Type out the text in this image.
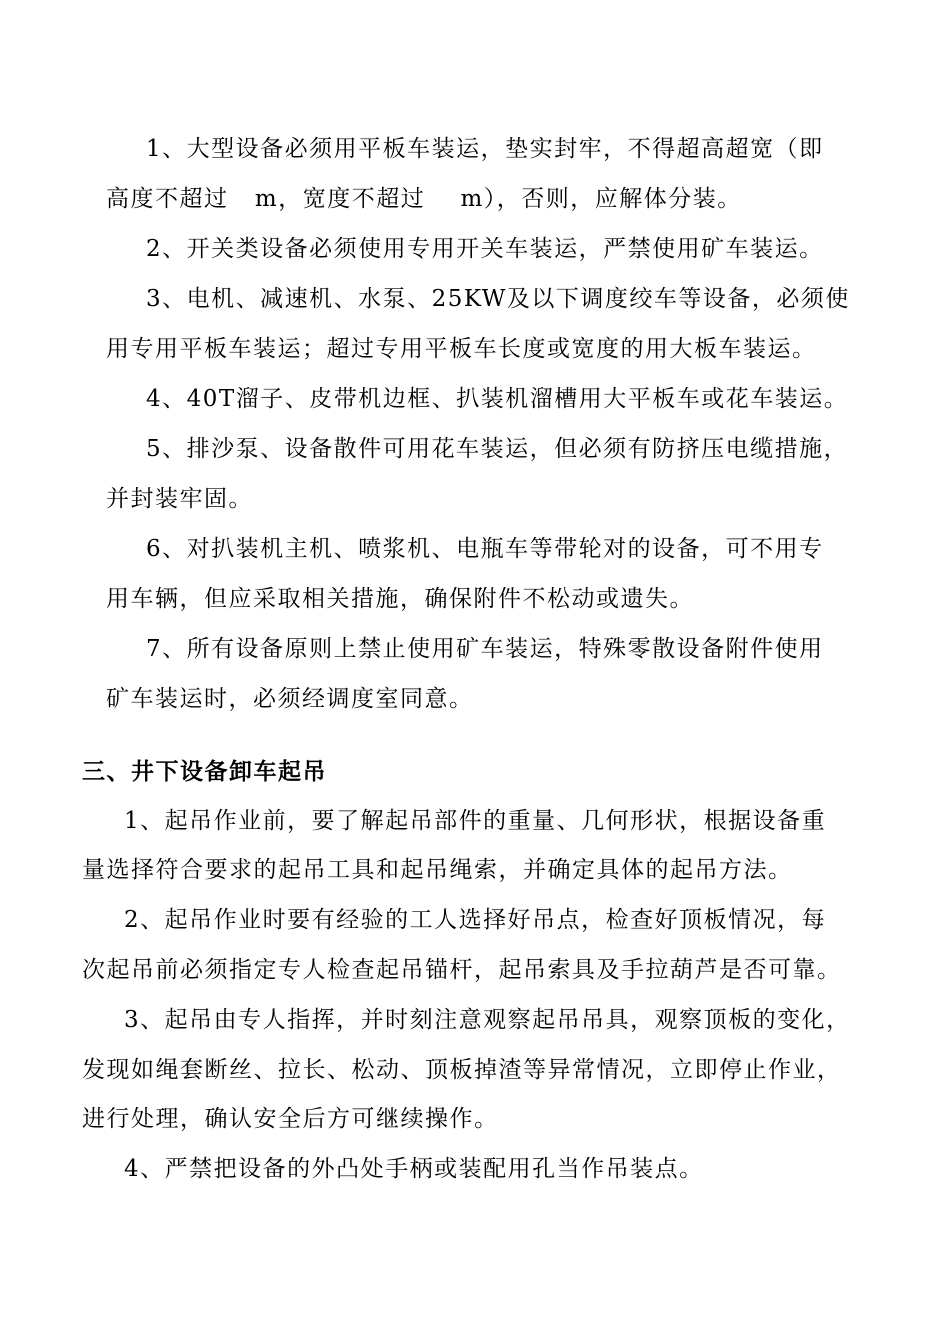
1、大型设备必须用平板车装运，垫实封牢，不得超高超宽（即
高度不超过   m，宽度不超过    m），否则，应解体分装。
2、开关类设备必须使用专用开关车装运，严禁使用矿车装运。
3、电机、减速机、水泵、25KW及以下调度绞车等设备，必须使
用专用平板车装运；超过专用平板车长度或宽度的用大板车装运。
4、40T溜子、皮带机边框、扒装机溜槽用大平板车或花车装运。
5、排沙泵、设备散件可用花车装运，但必须有防挤压电缆措施，
并封装牢固。
6、对扒装机主机、喷浆机、电瓶车等带轮对的设备，可不用专
用车辆，但应采取相关措施，确保附件不松动或遗失。
7、所有设备原则上禁止使用矿车装运，特殊零散设备附件使用
矿车装运时，必须经调度室同意。
三、井下设备卸车起吊
1、起吊作业前，要了解起吊部件的重量、几何形状，根据设备重
量选择符合要求的起吊工具和起吊绳索，并确定具体的起吊方法。
2、起吊作业时要有经验的工人选择好吊点，检查好顶板情况，每
次起吊前必须指定专人检查起吊锚杆，起吊索具及手拉葫芦是否可靠。
3、起吊由专人指挥，并时刻注意观察起吊吊具，观察顶板的变化，
发现如绳套断丝、拉长、松动、顶板掉渣等异常情况，立即停止作业，
进行处理，确认安全后方可继续操作。
4、严禁把设备的外凸处手柄或装配用孔当作吊装点。
